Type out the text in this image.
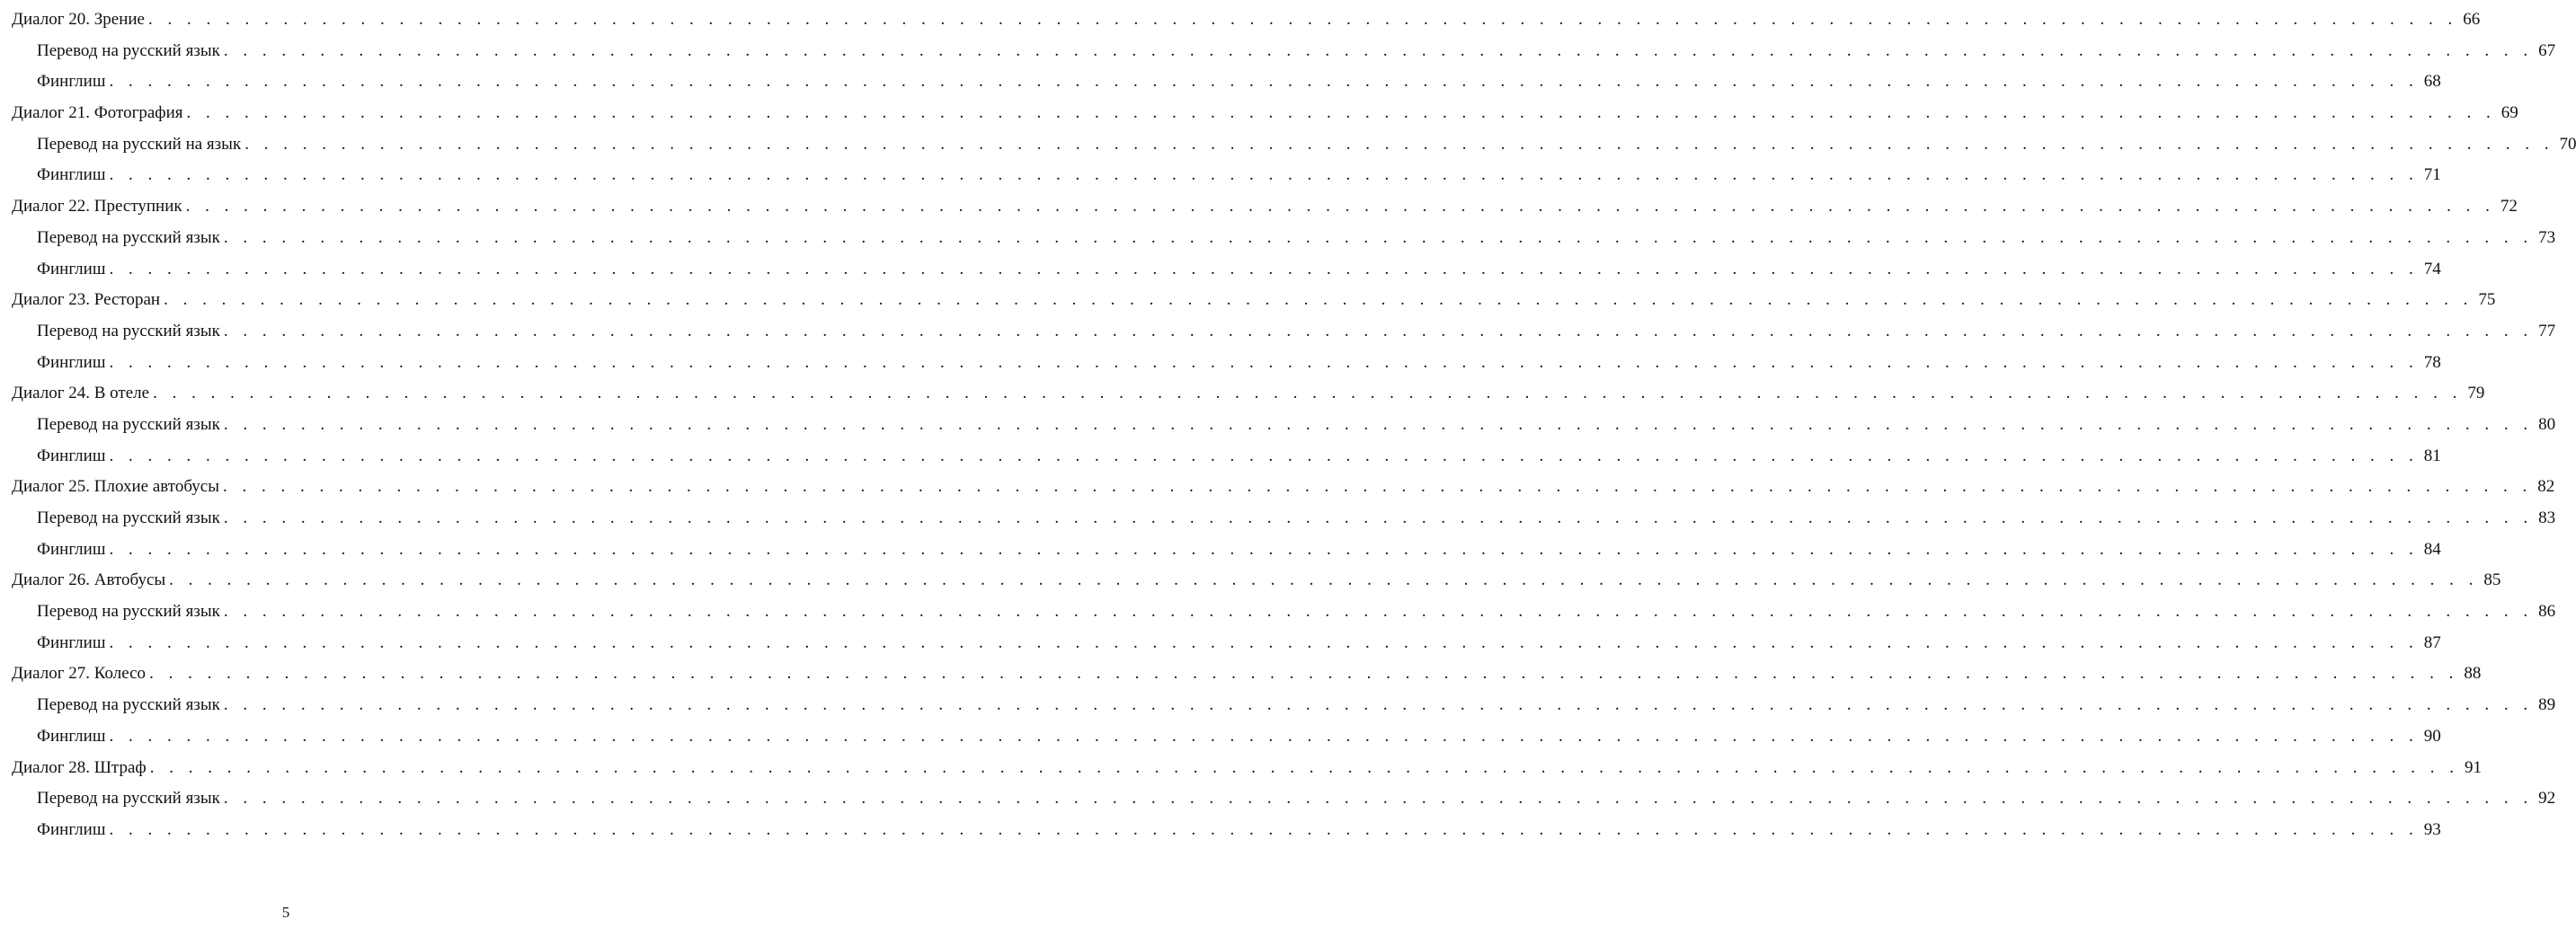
Диалог 20. Зрение . . . . . . . . . . . . . . . . . . . . . . . . . . . . . . . . . . . . . . . . . . . . . . . . . . . . . . . . . . . . . . . . . . . . . . . . . . . . . . . . . . . . . . . . . . . . . . . . . . . . . . . . . . . . . . . . . . . . . . . . 66
Перевод на русский язык . . . . . . . . . . . . . . . . . . . . . . . . . . . . . . . . . . . . . . . . . . . . . . . . . . . . . . . . . . . . . . . . . . . . . . . . . . . . . . . . . . . . . . . . . . . . . . . . . . . . . . . . . . . . . . . . . . . . . . . . 67
Финглиш . . . . . . . . . . . . . . . . . . . . . . . . . . . . . . . . . . . . . . . . . . . . . . . . . . . . . . . . . . . . . . . . . . . . . . . . . . . . . . . . . . . . . . . . . . . . . . . . . . . . . . . . . . . . . . . . . . . . . . . . 68
Диалог 21. Фотография . . . . . . . . . . . . . . . . . . . . . . . . . . . . . . . . . . . . . . . . . . . . . . . . . . . . . . . . . . . . . . . . . . . . . . . . . . . . . . . . . . . . . . . . . . . . . . . . . . . . . . . . . . . . . . . . . . . . . . . . 69
Перевод на русский на язык . . . . . . . . . . . . . . . . . . . . . . . . . . . . . . . . . . . . . . . . . . . . . . . . . . . . . . . . . . . . . . . . . . . . . . . . . . . . . . . . . . . . . . . . . . . . . . . . . . . . . . . . . . . . . . . . . . . . . . . . 70
Финглиш . . . . . . . . . . . . . . . . . . . . . . . . . . . . . . . . . . . . . . . . . . . . . . . . . . . . . . . . . . . . . . . . . . . . . . . . . . . . . . . . . . . . . . . . . . . . . . . . . . . . . . . . . . . . . . . . . . . . . . . . 71
Диалог 22. Преступник . . . . . . . . . . . . . . . . . . . . . . . . . . . . . . . . . . . . . . . . . . . . . . . . . . . . . . . . . . . . . . . . . . . . . . . . . . . . . . . . . . . . . . . . . . . . . . . . . . . . . . . . . . . . . . . . . . . . . . . . 72
Перевод на русский язык . . . . . . . . . . . . . . . . . . . . . . . . . . . . . . . . . . . . . . . . . . . . . . . . . . . . . . . . . . . . . . . . . . . . . . . . . . . . . . . . . . . . . . . . . . . . . . . . . . . . . . . . . . . . . . . . . . . . . . . . 73
Финглиш . . . . . . . . . . . . . . . . . . . . . . . . . . . . . . . . . . . . . . . . . . . . . . . . . . . . . . . . . . . . . . . . . . . . . . . . . . . . . . . . . . . . . . . . . . . . . . . . . . . . . . . . . . . . . . . . . . . . . . . . 74
Диалог 23. Ресторан . . . . . . . . . . . . . . . . . . . . . . . . . . . . . . . . . . . . . . . . . . . . . . . . . . . . . . . . . . . . . . . . . . . . . . . . . . . . . . . . . . . . . . . . . . . . . . . . . . . . . . . . . . . . . . . . . . . . . . . . 75
Перевод на русский язык . . . . . . . . . . . . . . . . . . . . . . . . . . . . . . . . . . . . . . . . . . . . . . . . . . . . . . . . . . . . . . . . . . . . . . . . . . . . . . . . . . . . . . . . . . . . . . . . . . . . . . . . . . . . . . . . . . . . . . . . 77
Финглиш . . . . . . . . . . . . . . . . . . . . . . . . . . . . . . . . . . . . . . . . . . . . . . . . . . . . . . . . . . . . . . . . . . . . . . . . . . . . . . . . . . . . . . . . . . . . . . . . . . . . . . . . . . . . . . . . . . . . . . . . 78
Диалог 24. В отеле . . . . . . . . . . . . . . . . . . . . . . . . . . . . . . . . . . . . . . . . . . . . . . . . . . . . . . . . . . . . . . . . . . . . . . . . . . . . . . . . . . . . . . . . . . . . . . . . . . . . . . . . . . . . . . . . . . . . . . . . 79
Перевод на русский язык . . . . . . . . . . . . . . . . . . . . . . . . . . . . . . . . . . . . . . . . . . . . . . . . . . . . . . . . . . . . . . . . . . . . . . . . . . . . . . . . . . . . . . . . . . . . . . . . . . . . . . . . . . . . . . . . . . . . . . . . 80
Финглиш . . . . . . . . . . . . . . . . . . . . . . . . . . . . . . . . . . . . . . . . . . . . . . . . . . . . . . . . . . . . . . . . . . . . . . . . . . . . . . . . . . . . . . . . . . . . . . . . . . . . . . . . . . . . . . . . . . . . . . . . 81
Диалог 25. Плохие автобусы . . . . . . . . . . . . . . . . . . . . . . . . . . . . . . . . . . . . . . . . . . . . . . . . . . . . . . . . . . . . . . . . . . . . . . . . . . . . . . . . . . . . . . . . . . . . . . . . . . . . . . . . . . . . . . . . . . . . . . . . 82
Перевод на русский язык . . . . . . . . . . . . . . . . . . . . . . . . . . . . . . . . . . . . . . . . . . . . . . . . . . . . . . . . . . . . . . . . . . . . . . . . . . . . . . . . . . . . . . . . . . . . . . . . . . . . . . . . . . . . . . . . . . . . . . . . 83
Финглиш . . . . . . . . . . . . . . . . . . . . . . . . . . . . . . . . . . . . . . . . . . . . . . . . . . . . . . . . . . . . . . . . . . . . . . . . . . . . . . . . . . . . . . . . . . . . . . . . . . . . . . . . . . . . . . . . . . . . . . . . 84
Диалог 26. Автобусы . . . . . . . . . . . . . . . . . . . . . . . . . . . . . . . . . . . . . . . . . . . . . . . . . . . . . . . . . . . . . . . . . . . . . . . . . . . . . . . . . . . . . . . . . . . . . . . . . . . . . . . . . . . . . . . . . . . . . . . . 85
Перевод на русский язык . . . . . . . . . . . . . . . . . . . . . . . . . . . . . . . . . . . . . . . . . . . . . . . . . . . . . . . . . . . . . . . . . . . . . . . . . . . . . . . . . . . . . . . . . . . . . . . . . . . . . . . . . . . . . . . . . . . . . . . . 86
Финглиш . . . . . . . . . . . . . . . . . . . . . . . . . . . . . . . . . . . . . . . . . . . . . . . . . . . . . . . . . . . . . . . . . . . . . . . . . . . . . . . . . . . . . . . . . . . . . . . . . . . . . . . . . . . . . . . . . . . . . . . . 87
Диалог 27. Колесо . . . . . . . . . . . . . . . . . . . . . . . . . . . . . . . . . . . . . . . . . . . . . . . . . . . . . . . . . . . . . . . . . . . . . . . . . . . . . . . . . . . . . . . . . . . . . . . . . . . . . . . . . . . . . . . . . . . . . . . . 88
Перевод на русский язык . . . . . . . . . . . . . . . . . . . . . . . . . . . . . . . . . . . . . . . . . . . . . . . . . . . . . . . . . . . . . . . . . . . . . . . . . . . . . . . . . . . . . . . . . . . . . . . . . . . . . . . . . . . . . . . . . . . . . . . . 89
Финглиш . . . . . . . . . . . . . . . . . . . . . . . . . . . . . . . . . . . . . . . . . . . . . . . . . . . . . . . . . . . . . . . . . . . . . . . . . . . . . . . . . . . . . . . . . . . . . . . . . . . . . . . . . . . . . . . . . . . . . . . . 90
Диалог 28. Штраф . . . . . . . . . . . . . . . . . . . . . . . . . . . . . . . . . . . . . . . . . . . . . . . . . . . . . . . . . . . . . . . . . . . . . . . . . . . . . . . . . . . . . . . . . . . . . . . . . . . . . . . . . . . . . . . . . . . . . . . . 91
Перевод на русский язык . . . . . . . . . . . . . . . . . . . . . . . . . . . . . . . . . . . . . . . . . . . . . . . . . . . . . . . . . . . . . . . . . . . . . . . . . . . . . . . . . . . . . . . . . . . . . . . . . . . . . . . . . . . . . . . . . . . . . . . . 92
Финглиш . . . . . . . . . . . . . . . . . . . . . . . . . . . . . . . . . . . . . . . . . . . . . . . . . . . . . . . . . . . . . . . . . . . . . . . . . . . . . . . . . . . . . . . . . . . . . . . . . . . . . . . . . . . . . . . . . . . . . . . . 93
5
